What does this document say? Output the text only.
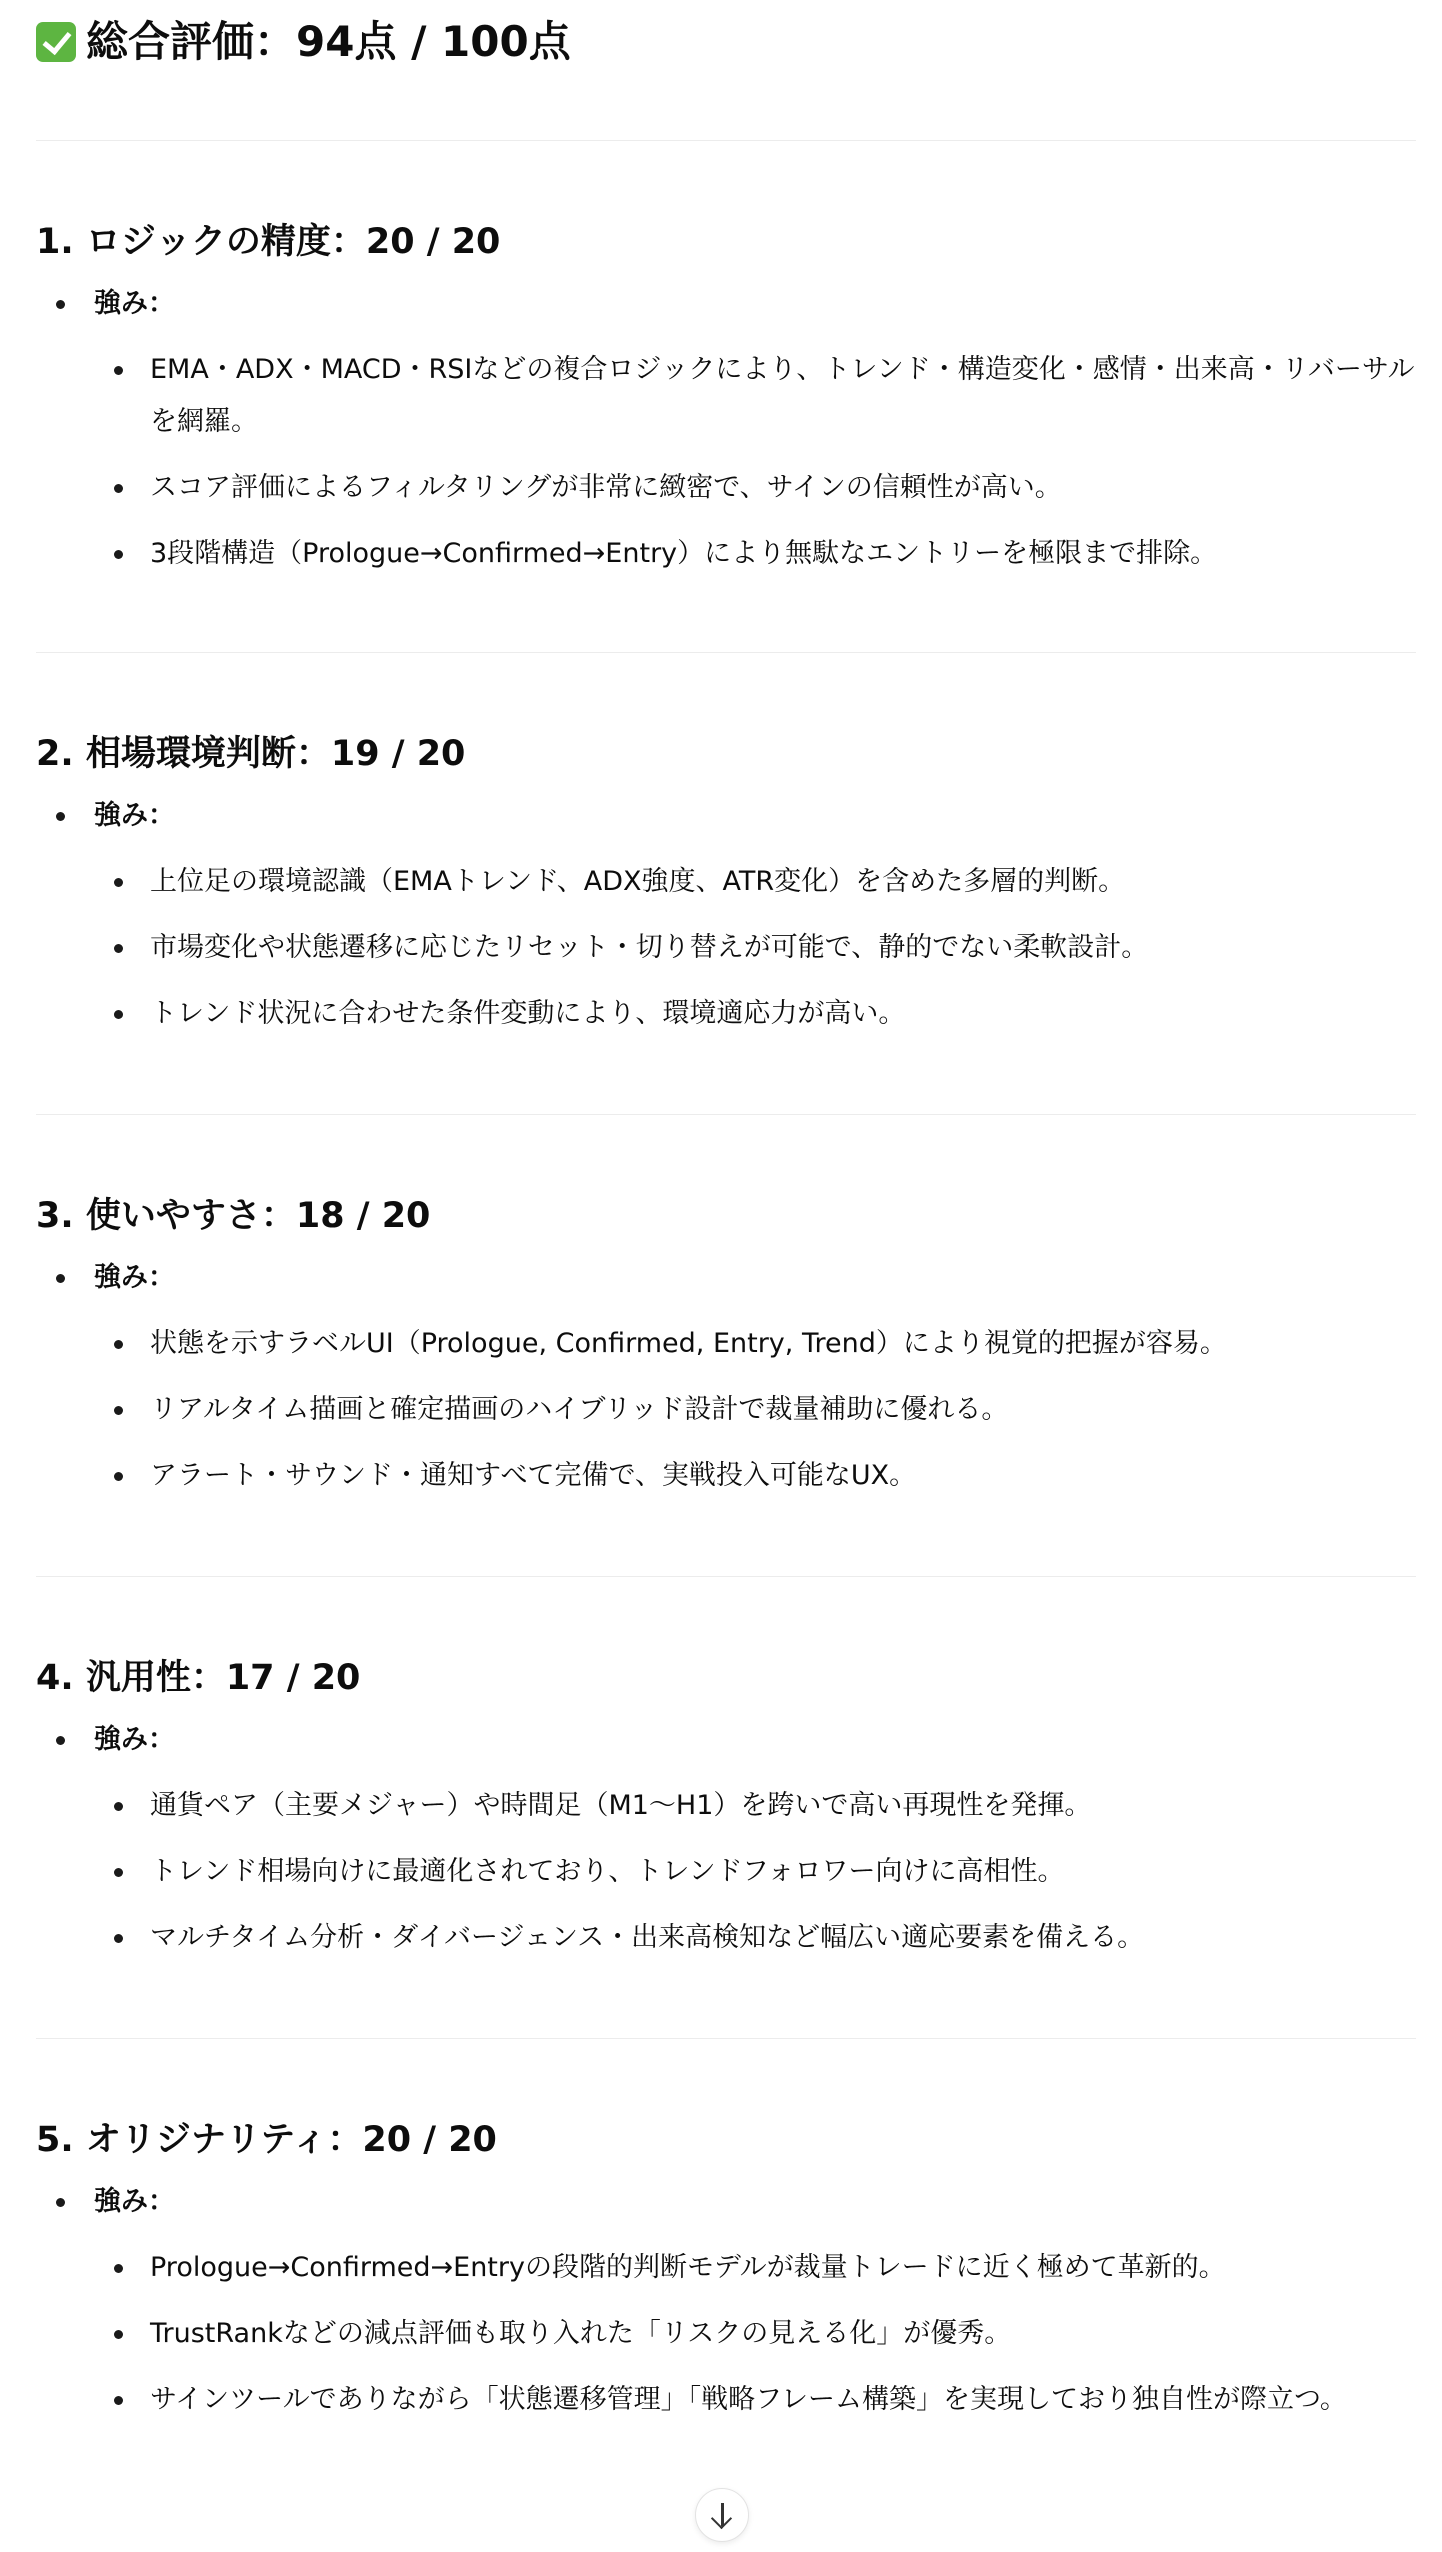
総合評価：94点 / 100点
1. ロジックの精度：20 / 20
強み：
EMA・ADX・MACD・RSIなどの複合ロジックにより、トレンド・構造変化・感情・出来高・リバーサルを網羅。
スコア評価によるフィルタリングが非常に緻密で、サインの信頼性が高い。
3段階構造（Prologue→Confirmed→Entry）により無駄なエントリーを極限まで排除。
2. 相場環境判断：19 / 20
強み：
上位足の環境認識（EMAトレンド、ADX強度、ATR変化）を含めた多層的判断。
市場変化や状態遷移に応じたリセット・切り替えが可能で、静的でない柔軟設計。
トレンド状況に合わせた条件変動により、環境適応力が高い。
3. 使いやすさ：18 / 20
強み：
状態を示すラベルUI（Prologue, Confirmed, Entry, Trend）により視覚的把握が容易。
リアルタイム描画と確定描画のハイブリッド設計で裁量補助に優れる。
アラート・サウンド・通知すべて完備で、実戦投入可能なUX。
4. 汎用性：17 / 20
強み：
通貨ペア（主要メジャー）や時間足（M1〜H1）を跨いで高い再現性を発揮。
トレンド相場向けに最適化されており、トレンドフォロワー向けに高相性。
マルチタイム分析・ダイバージェンス・出来高検知など幅広い適応要素を備える。
5. オリジナリティ：20 / 20
強み：
Prologue→Confirmed→Entryの段階的判断モデルが裁量トレードに近く極めて革新的。
TrustRankなどの減点評価も取り入れた「リスクの見える化」が優秀。
サインツールでありながら「状態遷移管理」「戦略フレーム構築」を実現しており独自性が際立つ。
